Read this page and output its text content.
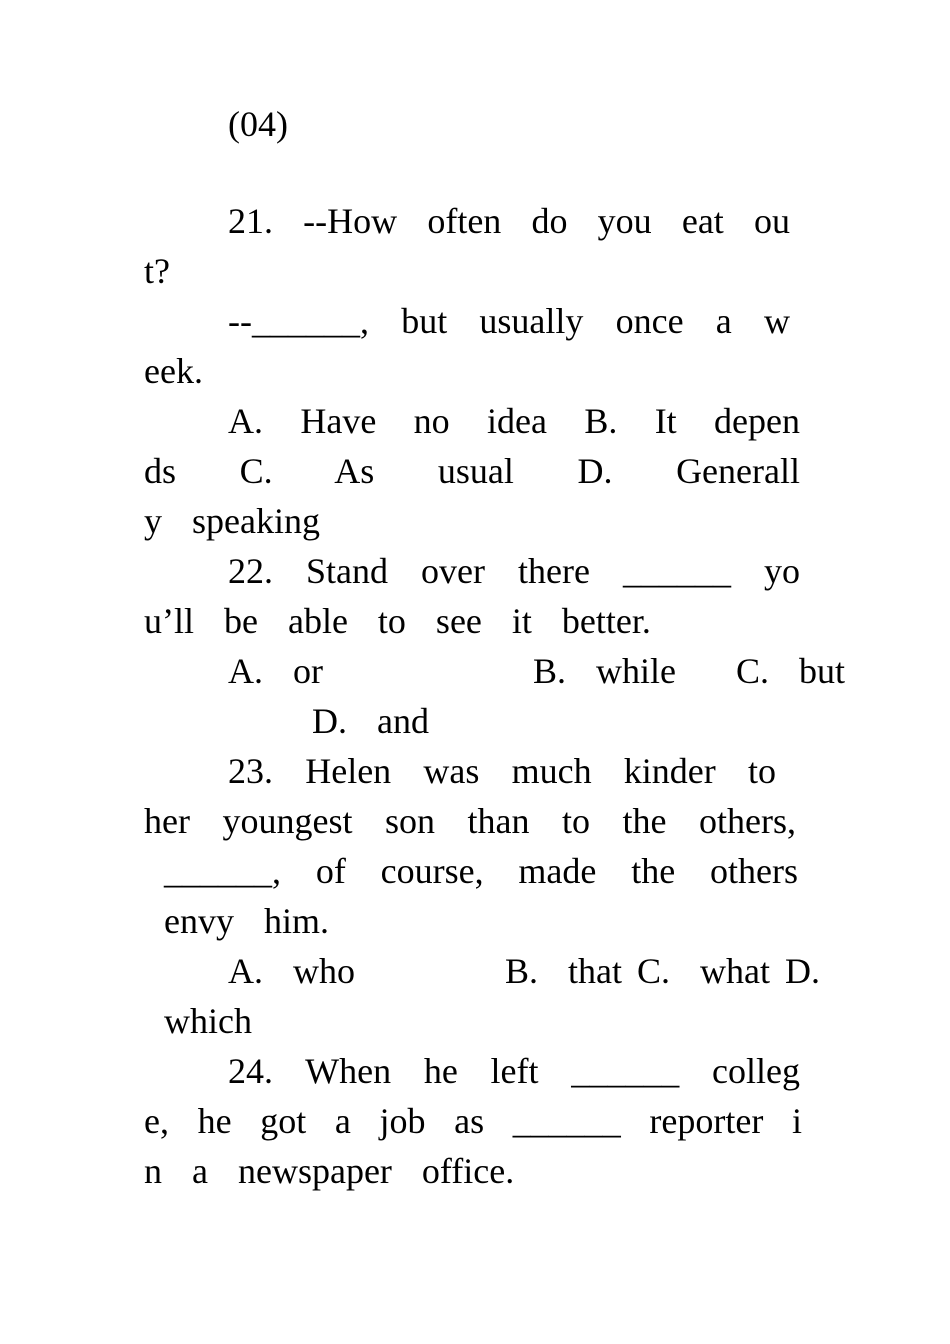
(04)
21. --How often do you eat ou
t?
--______, but usually once a w
eek.
A. Have no idea B. It depen
ds C. As usual D. Generall
y  speaking
22. Stand over there ______ yo
u’ll  be  able  to  see  it  better.
A.  or              B.  while    C.  but
D.  and
23. Helen was much kinder to
her youngest son than to the others,
______, of course, made the others
envy  him.
A.  who          B.  that C.  what D.
which
24. When he left ______ colleg
e, he got a job as ______ reporter i
n  a  newspaper  office.
